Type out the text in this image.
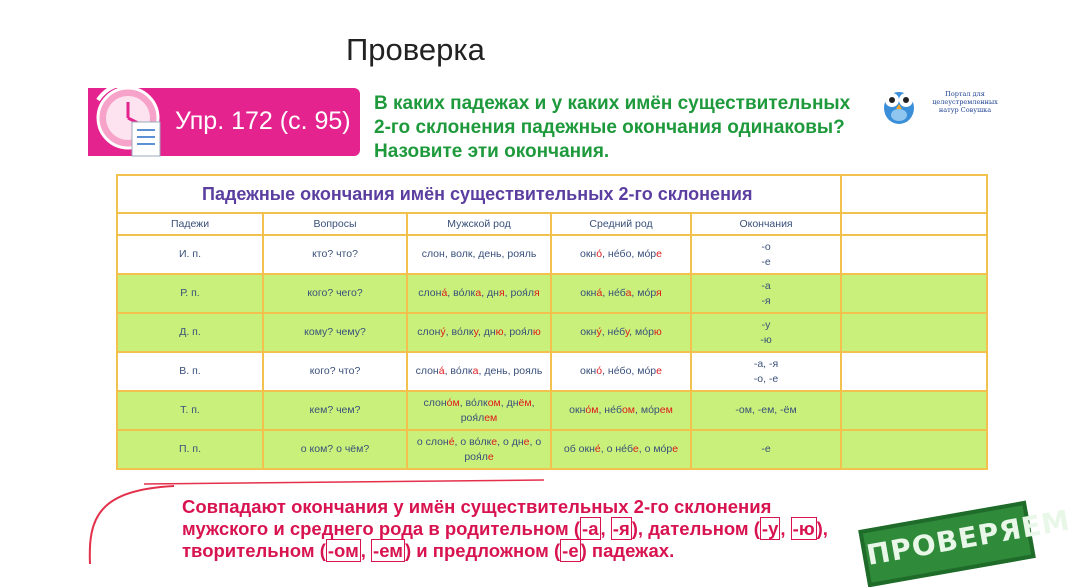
Проверка
Упр. 172 (с. 95)
В каких падежах и у каких имён существительных 2-го склонения падежные окончания одинаковы? Назовите эти окончания.
Портал для целеустремленных натур Совушка
Падежные окончания имён существительных 2-го склонения					
Падежи	Вопросы	Мужской род	Средний род	Окончания	
И. п.	кто? что?	слон, волк, день, рояль	окно́, не́бо, мо́ре	-о
-е	

Р. п.	кого? чего?	слона́, во́лка, дня, роя́ля	окна́, не́ба, мо́ря	-а
-я	

Д. п.	кому? чему?	слону́, во́лку, дню, роя́лю	окну́, не́бу, мо́рю	-у
-ю	

В. п.	кого? что?	слона́, во́лка, день, рояль	окно́, не́бо, мо́ре	-а, -я
-о, -е	

Т. п.	кем? чем?	слоно́м, во́лком, днём, роя́лем	окно́м, не́бом, мо́рем	-ом, -ем, -ём	

П. п.	о ком? о чём?	о слоне́, о во́лке, о дне, о роя́ле	об окне́, о не́бе, о мо́ре	-е	

Совпадают окончания у имён существительных 2-го склонения мужского и среднего рода в родительном ( -а , -я ), дательном ( -у , -ю ), творительном ( -ом , -ем ) и предложном ( -е ) падежах.	ПРОВЕРЯЕМ
